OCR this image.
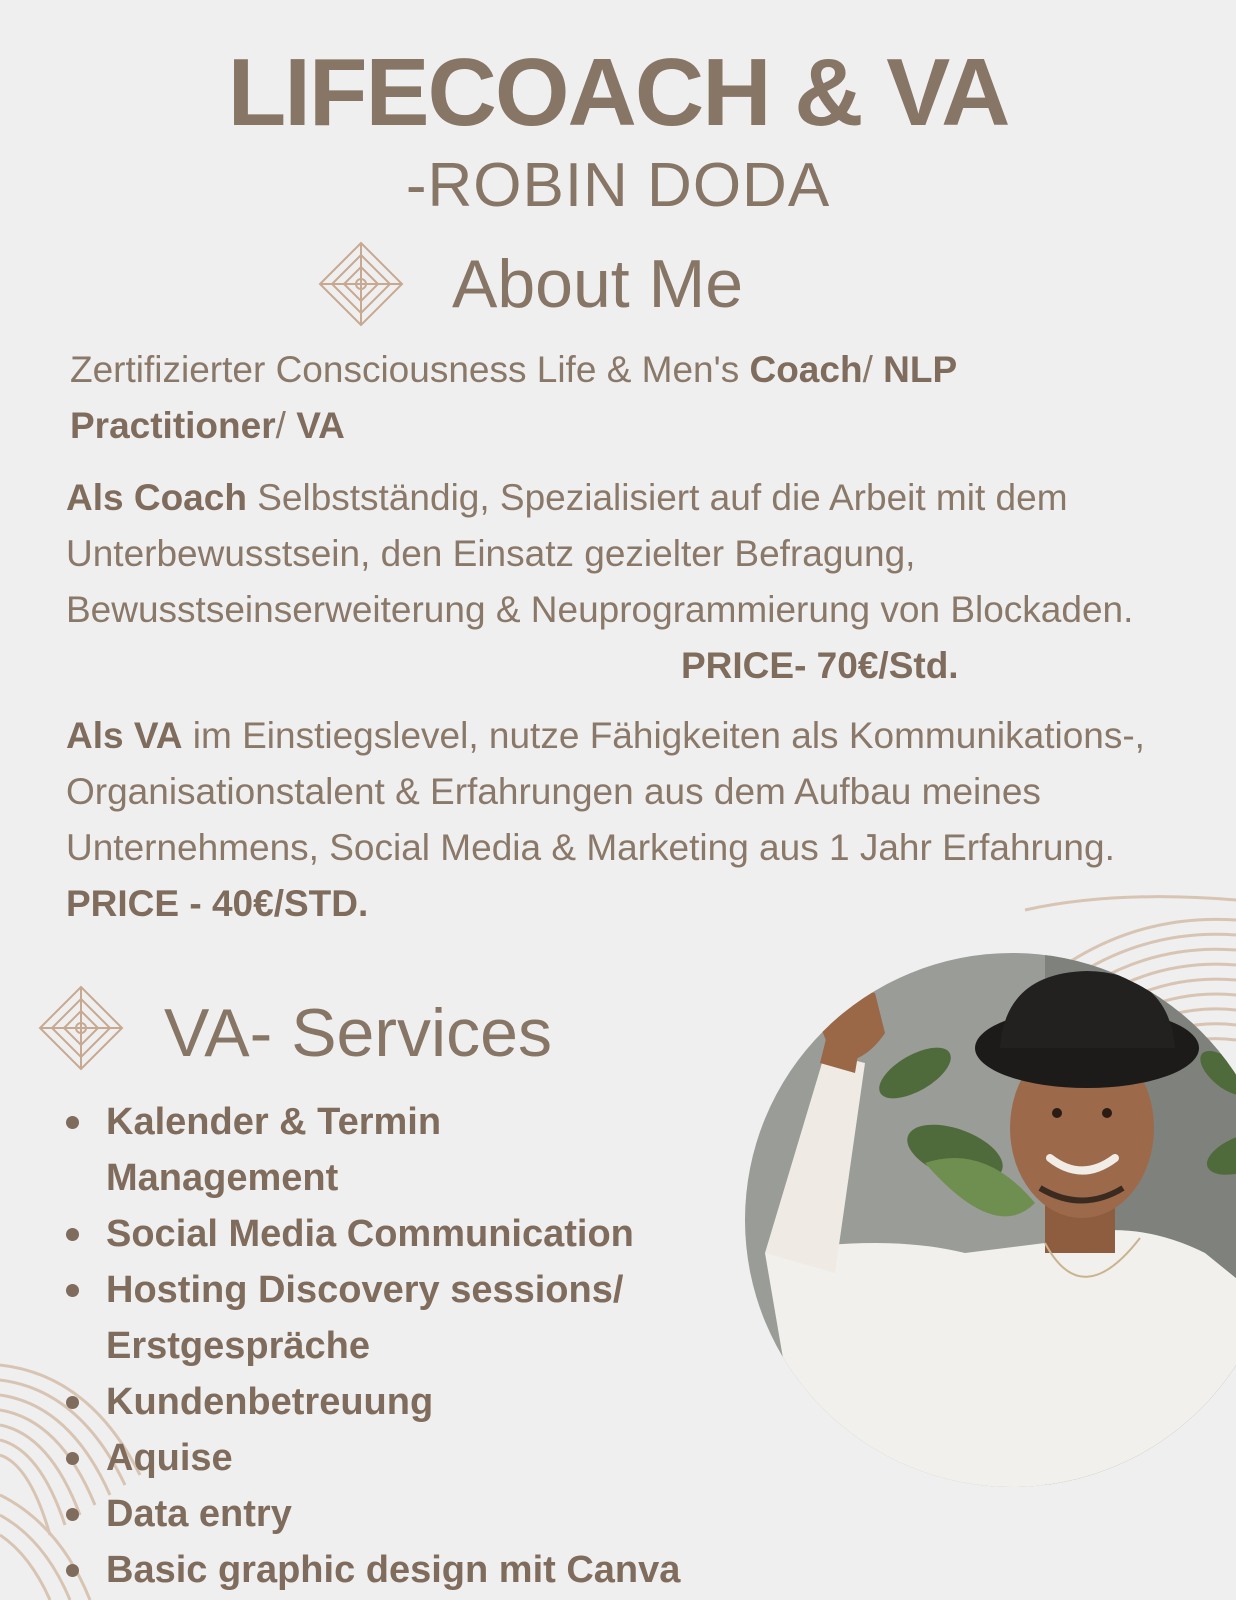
LIFECOACH & VA
-ROBIN DODA
About Me
Zertifizierter Consciousness Life & Men's Coach/ NLP Practitioner/ VA
Als Coach Selbstständig, Spezialisiert auf die Arbeit mit dem Unterbewusstsein, den Einsatz gezielter Befragung, Bewusstseinserweiterung & Neuprogrammierung von Blockaden.
PRICE- 70€/Std.
Als VA im Einstiegslevel, nutze Fähigkeiten als Kommunikations-, Organisationstalent & Erfahrungen aus dem Aufbau meines Unternehmens, Social Media & Marketing aus 1 Jahr Erfahrung. PRICE - 40€/STD.
VA- Services
Kalender & Termin Management
Social Media Communication
Hosting Discovery sessions/ Erstgespräche
Kundenbetreuung
Aquise
Data entry
Basic graphic design mit Canva
